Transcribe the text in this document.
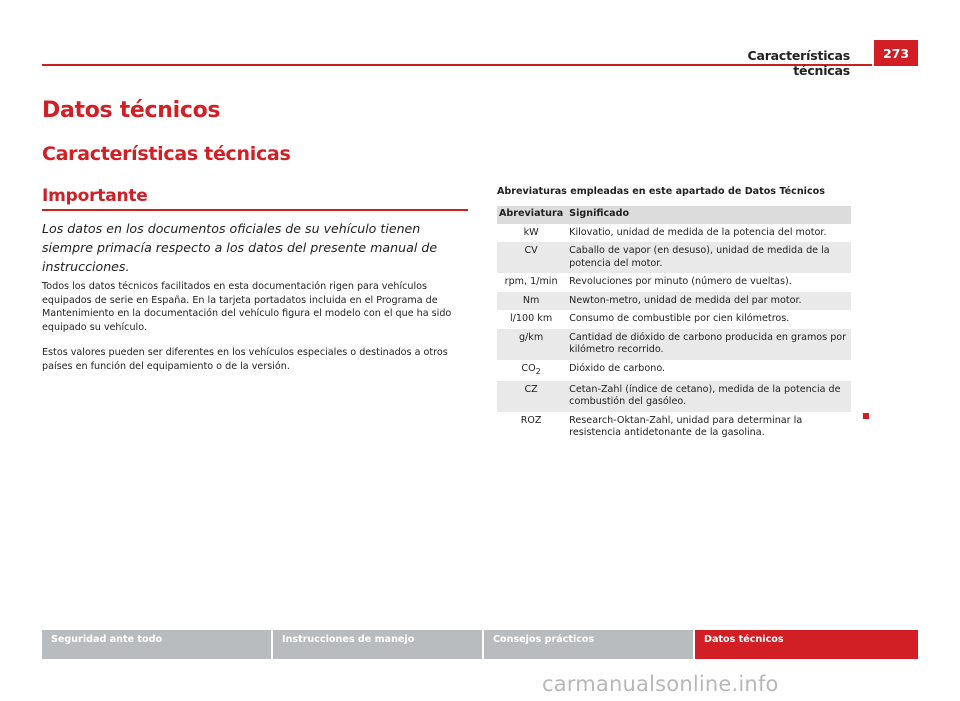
Características técnicas
273
Datos técnicos
Características técnicas
Importante

Los datos en los documentos oficiales de su vehículo tienen siempre primacía respecto a los datos del presente manual de instrucciones.

Todos los datos técnicos facilitados en esta documentación rigen para vehículos equipados de serie en España. En la tarjeta portadatos incluida en el Programa de Mantenimiento en la documentación del vehículo figura el modelo con el que ha sido equipado su vehículo.

Estos valores pueden ser diferentes en los vehículos especiales o destinados a otros países en función del equipamiento o de la versión.

Abreviaturas empleadas en este apartado de Datos Técnicos

Abreviatura	Significado
kW	Kilovatio, unidad de medida de la potencia del motor.
CV	Caballo de vapor (en desuso), unidad de medida de la potencia del motor.
rpm, 1/min	Revoluciones por minuto (número de vueltas).
Nm	Newton-metro, unidad de medida del par motor.
l/100 km	Consumo de combustible por cien kilómetros.
g/km	Cantidad de dióxido de carbono producida en gramos por kilómetro recorrido.
$CO_2$	Dióxido de carbono.
CZ	Cetan-Zahl (índice de cetano), medida de la potencia de combustión del gasóleo.
ROZ	Research-Oktan-Zahl, unidad para determinar la resistencia antidetonante de la gasolina.
Seguridad ante todo	Instrucciones de manejo	Consejos prácticos	Datos técnicos
carmanualsonline.info
